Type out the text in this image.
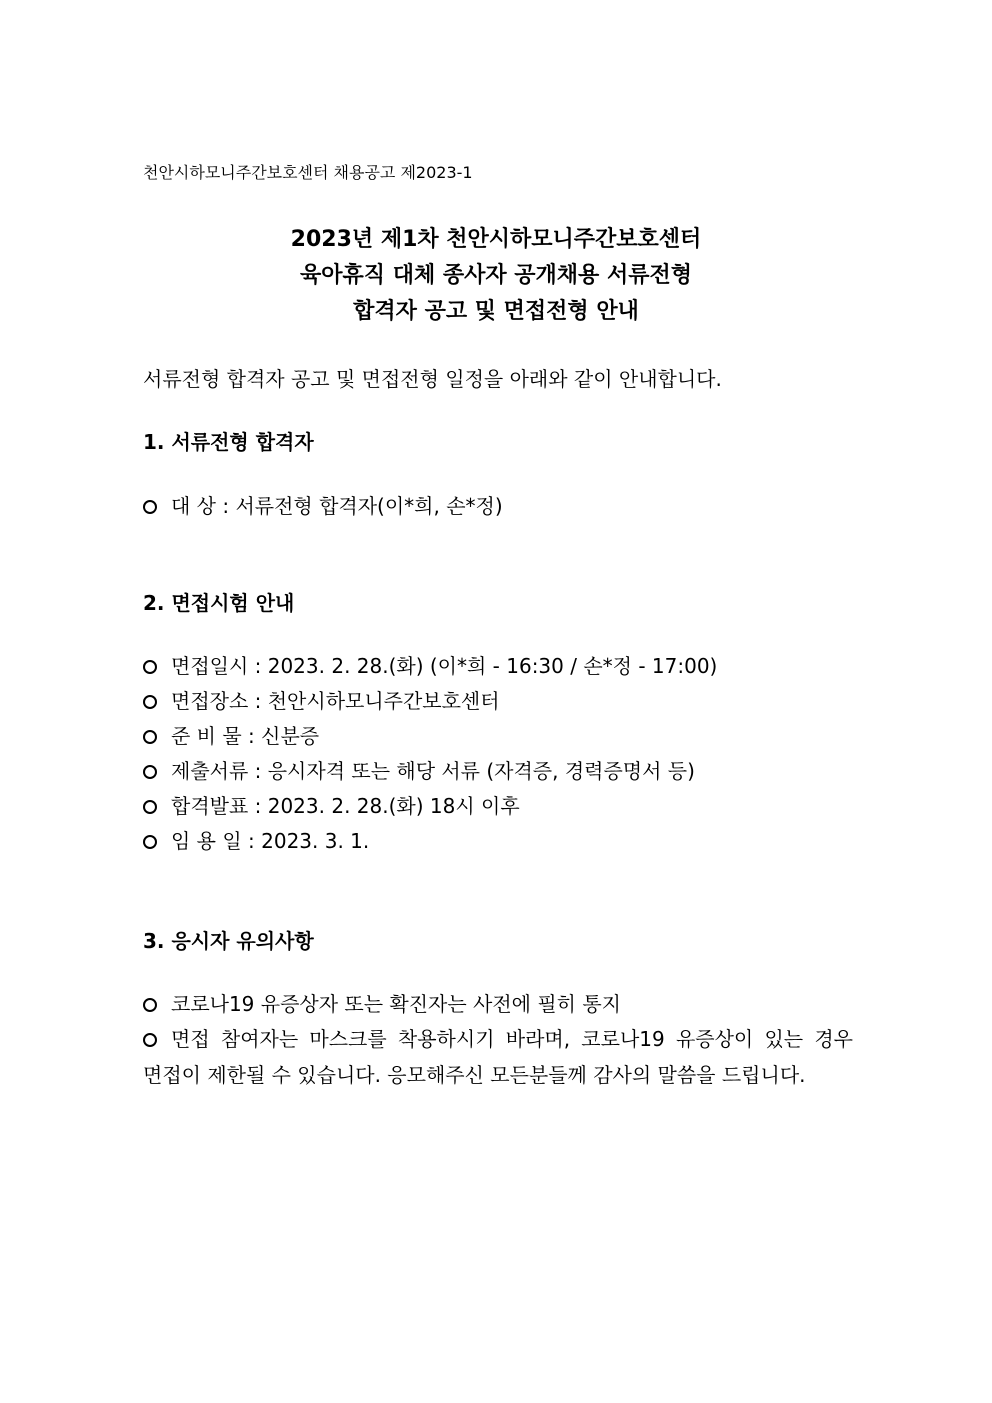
천안시하모니주간보호센터 채용공고 제2023-1
2023년 제1차 천안시하모니주간보호센터
육아휴직 대체 종사자 공개채용 서류전형
합격자 공고 및 면접전형 안내
서류전형 합격자 공고 및 면접전형 일정을 아래와 같이 안내합니다.
1. 서류전형 합격자
대 상 : 서류전형 합격자(이*희, 손*정)
2. 면접시험 안내
면접일시 : 2023. 2. 28.(화) (이*희 - 16:30 / 손*정 - 17:00)
면접장소 : 천안시하모니주간보호센터
준 비 물 : 신분증
제출서류 : 응시자격 또는 해당 서류 (자격증, 경력증명서 등)
합격발표 : 2023. 2. 28.(화) 18시 이후
임 용 일 : 2023. 3. 1.
3. 응시자 유의사항
코로나19 유증상자 또는 확진자는 사전에 필히 통지
면접 참여자는 마스크를 착용하시기 바라며, 코로나19 유증상이 있는 경우
면접이 제한될 수 있습니다. 응모해주신 모든분들께 감사의 말씀을 드립니다.
